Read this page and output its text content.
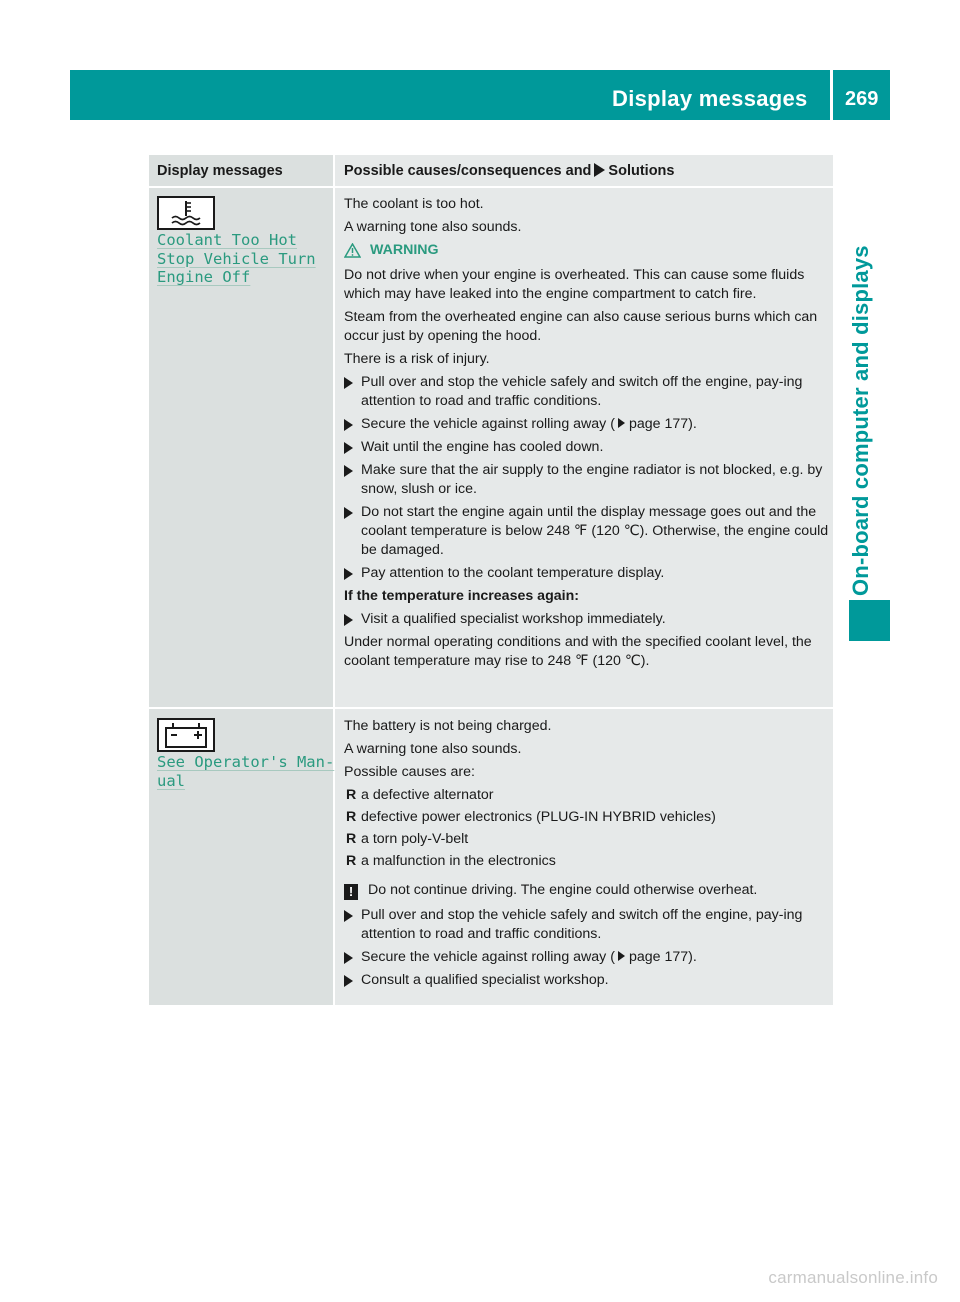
Display messages 269
On-board computer and displays
Display messages	Possible causes/consequences and Solutions
Coolant Too Hot
Stop Vehicle Turn
Engine Off

The coolant is too hot.

A warning tone also sounds.

WARNING

Do not drive when your engine is overheated. This can cause some fluids which may have leaked into the engine compartment to catch fire.

Steam from the overheated engine can also cause serious burns which can occur just by opening the hood.

There is a risk of injury.

Pull over and stop the vehicle safely and switch off the engine, pay-ing attention to road and traffic conditions.
Secure the vehicle against rolling away ( page 177).
Wait until the engine has cooled down.
Make sure that the air supply to the engine radiator is not blocked, e.g. by snow, slush or ice.
Do not start the engine again until the display message goes out and the coolant temperature is below 248 ℉ (120 ℃). Otherwise, the engine could be damaged.
Pay attention to the coolant temperature display.

If the temperature increases again:

Visit a qualified specialist workshop immediately.

Under normal operating conditions and with the specified coolant level, the coolant temperature may rise to 248 ℉ (120 ℃).

See Operator's Man‐
ual

The battery is not being charged.

A warning tone also sounds.

Possible causes are:

R a defective alternator
R defective power electronics (PLUG-IN HYBRID vehicles)
R a torn poly-V-belt
R a malfunction in the electronics

! Do not continue driving. The engine could otherwise overheat.

Pull over and stop the vehicle safely and switch off the engine, pay-ing attention to road and traffic conditions.
Secure the vehicle against rolling away ( page 177).
Consult a qualified specialist workshop.
carmanualsonline.info
